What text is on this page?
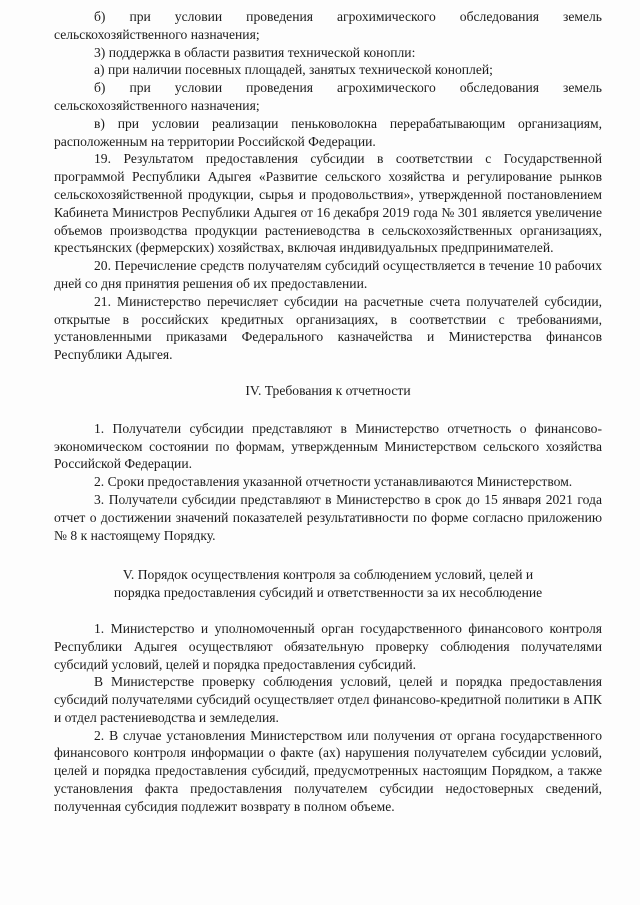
б) при условии проведения агрохимического обследования земель сельскохозяйственного назначения;

3) поддержка в области развития технической конопли:

а) при наличии посевных площадей, занятых технической коноплей;

б) при условии проведения агрохимического обследования земель сельскохозяйственного назначения;

в) при условии реализации пеньковолокна перерабатывающим организациям, расположенным на территории Российской Федерации.

19. Результатом предоставления субсидии в соответствии с Государственной программой Республики Адыгея «Развитие сельского хозяйства и регулирование рынков сельскохозяйственной продукции, сырья и продовольствия», утвержденной постановлением Кабинета Министров Республики Адыгея от 16 декабря 2019 года № 301 является увеличение объемов производства продукции растениеводства в сельскохозяйственных организациях, крестьянских (фермерских) хозяйствах, включая индивидуальных предпринимателей.

20. Перечисление средств получателям субсидий осуществляется в течение 10 рабочих дней со дня принятия решения об их предоставлении.

21. Министерство перечисляет субсидии на расчетные счета получателей субсидии, открытые в российских кредитных организациях, в соответствии с требованиями, установленными приказами Федерального казначейства и Министерства финансов Республики Адыгея.

IV. Требования к отчетности

1. Получатели субсидии представляют в Министерство отчетность о финансово-экономическом состоянии по формам, утвержденным Министерством сельского хозяйства Российской Федерации.

2. Сроки предоставления указанной отчетности устанавливаются Министерством.

3. Получатели субсидии представляют в Министерство в срок до 15 января 2021 года отчет о достижении значений показателей результативности по форме согласно приложению № 8 к настоящему Порядку.

V. Порядок осуществления контроля за соблюдением условий, целей и

порядка предоставления субсидий и ответственности за их несоблюдение

1. Министерство и уполномоченный орган государственного финансового контроля Республики Адыгея осуществляют обязательную проверку соблюдения получателями субсидий условий, целей и порядка предоставления субсидий.

В Министерстве проверку соблюдения условий, целей и порядка предоставления субсидий получателями субсидий осуществляет отдел финансово-кредитной политики в АПК и отдел растениеводства и земледелия.

2. В случае установления Министерством или получения от органа государственного финансового контроля информации о факте (ах) нарушения получателем субсидии условий, целей и порядка предоставления субсидий, предусмотренных настоящим Порядком, а также установления факта предоставления получателем субсидии недостоверных сведений, полученная субсидия подлежит возврату в полном объеме.
